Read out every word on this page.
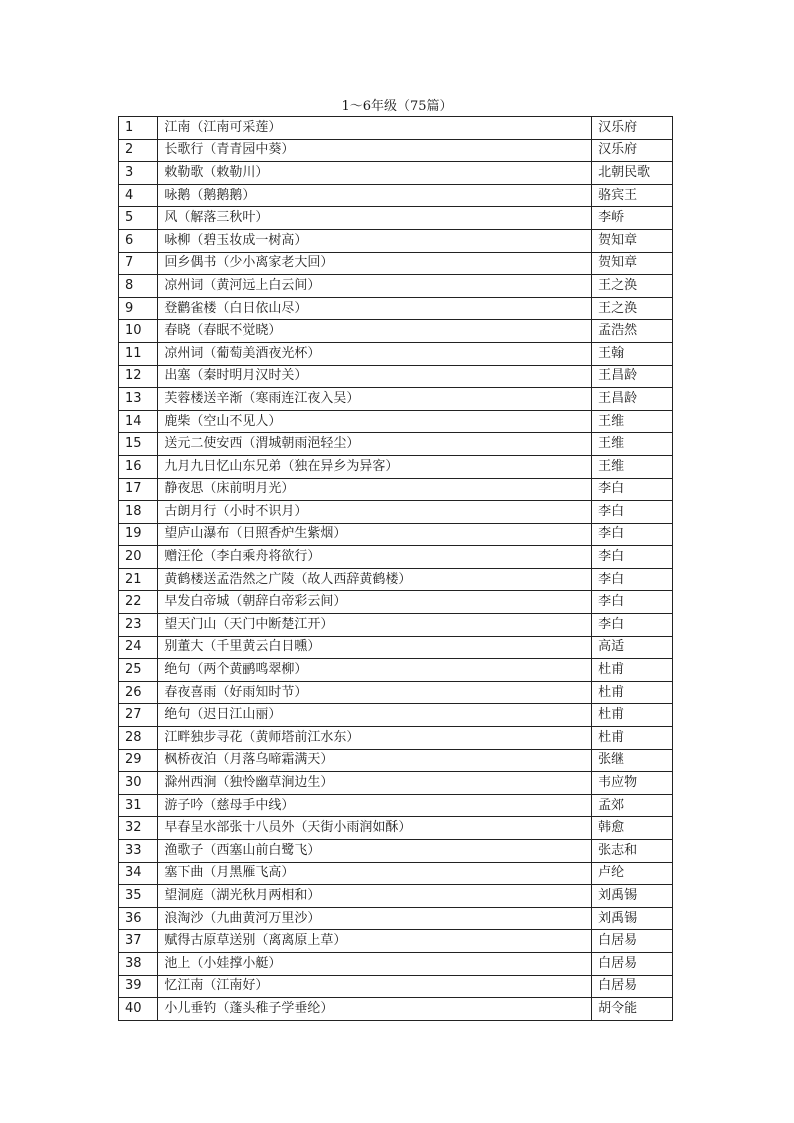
1～6年级（75篇）
1	江南（江南可采莲）	汉乐府
2	长歌行（青青园中葵）	汉乐府
3	敕勒歌（敕勒川）	北朝民歌
4	咏鹅（鹅鹅鹅）	骆宾王
5	风（解落三秋叶）	李峤
6	咏柳（碧玉妆成一树高）	贺知章
7	回乡偶书（少小离家老大回）	贺知章
8	凉州词（黄河远上白云间）	王之涣
9	登鹳雀楼（白日依山尽）	王之涣
10	春晓（春眠不觉晓）	孟浩然
11	凉州词（葡萄美酒夜光杯）	王翰
12	出塞（秦时明月汉时关）	王昌龄
13	芙蓉楼送辛渐（寒雨连江夜入吴）	王昌龄
14	鹿柴（空山不见人）	王维
15	送元二使安西（渭城朝雨浥轻尘）	王维
16	九月九日忆山东兄弟（独在异乡为异客）	王维
17	静夜思（床前明月光）	李白
18	古朗月行（小时不识月）	李白
19	望庐山瀑布（日照香炉生紫烟）	李白
20	赠汪伦（李白乘舟将欲行）	李白
21	黄鹤楼送孟浩然之广陵（故人西辞黄鹤楼）	李白
22	早发白帝城（朝辞白帝彩云间）	李白
23	望天门山（天门中断楚江开）	李白
24	别董大（千里黄云白日曛）	高适
25	绝句（两个黄鹂鸣翠柳）	杜甫
26	春夜喜雨（好雨知时节）	杜甫
27	绝句（迟日江山丽）	杜甫
28	江畔独步寻花（黄师塔前江水东）	杜甫
29	枫桥夜泊（月落乌啼霜满天）	张继
30	滁州西涧（独怜幽草涧边生）	韦应物
31	游子吟（慈母手中线）	孟郊
32	早春呈水部张十八员外（天街小雨润如酥）	韩愈
33	渔歌子（西塞山前白鹭飞）	张志和
34	塞下曲（月黑雁飞高）	卢纶
35	望洞庭（湖光秋月两相和）	刘禹锡
36	浪淘沙（九曲黄河万里沙）	刘禹锡
37	赋得古原草送别（离离原上草）	白居易
38	池上（小娃撑小艇）	白居易
39	忆江南（江南好）	白居易
40	小儿垂钓（蓬头稚子学垂纶）	胡令能
